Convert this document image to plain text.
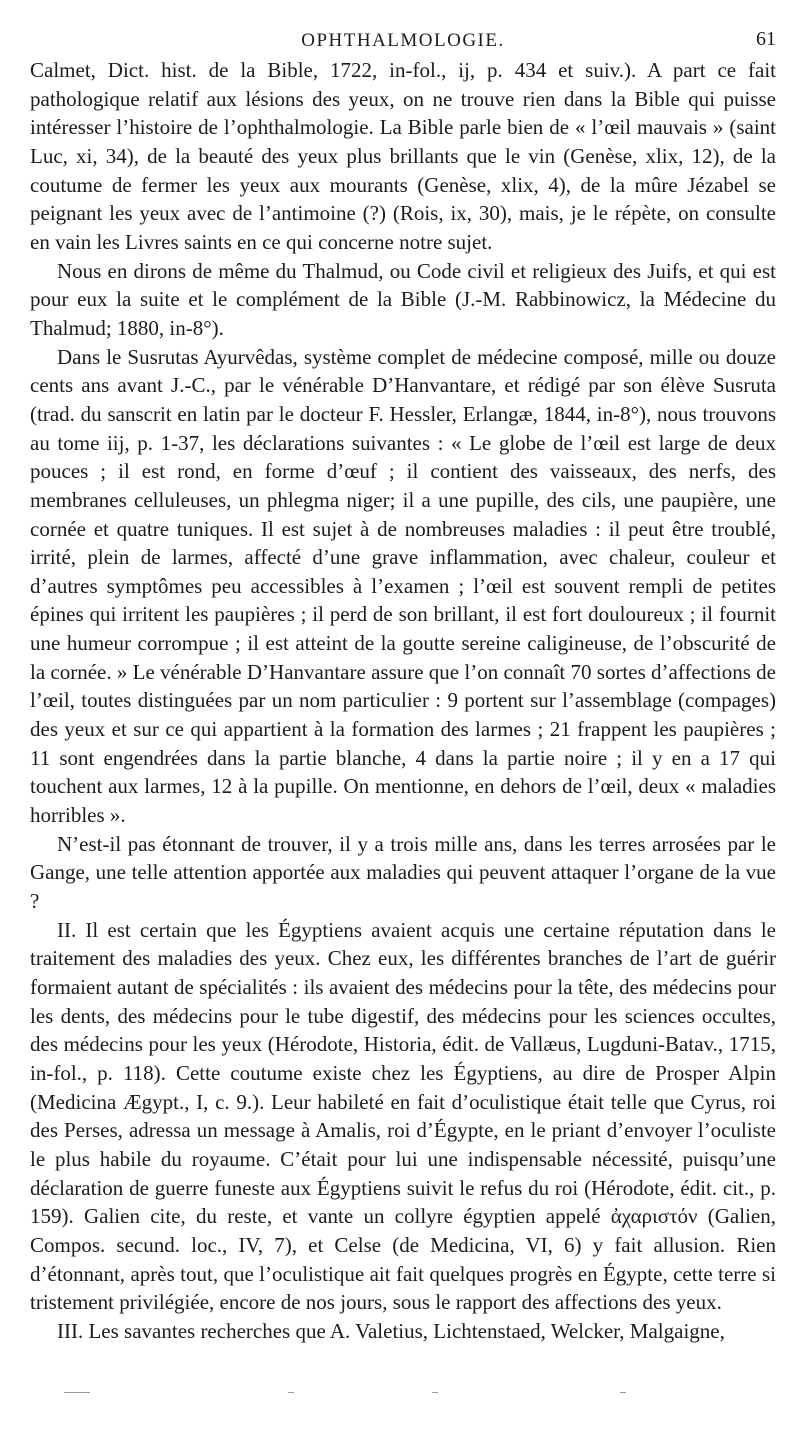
OPHTHALMOLOGIE.	61

Calmet, Dict. hist. de la Bible, 1722, in-fol., ij, p. 434 et suiv.). A part ce fait pathologique relatif aux lésions des yeux, on ne trouve rien dans la Bible qui puisse intéresser l’histoire de l’ophthalmologie. La Bible parle bien de « l’œil mauvais » (saint Luc, xi, 34), de la beauté des yeux plus brillants que le vin (Genèse, xlix, 12), de la coutume de fermer les yeux aux mourants (Genèse, xlix, 4), de la mûre Jézabel se peignant les yeux avec de l’antimoine (?) (Rois, ix, 30), mais, je le répète, on consulte en vain les Livres saints en ce qui concerne notre sujet.

Nous en dirons de même du Thalmud, ou Code civil et religieux des Juifs, et qui est pour eux la suite et le complément de la Bible (J.-M. Rabbinowicz, la Médecine du Thalmud; 1880, in-8°).

Dans le Susrutas Ayurvêdas, système complet de médecine composé, mille ou douze cents ans avant J.-C., par le vénérable D’Hanvantare, et rédigé par son élève Susruta (trad. du sanscrit en latin par le docteur F. Hessler, Erlangæ, 1844, in-8°), nous trouvons au tome iij, p. 1-37, les déclarations suivantes : « Le globe de l’œil est large de deux pouces ; il est rond, en forme d’œuf ; il contient des vaisseaux, des nerfs, des membranes celluleuses, un phlegma niger; il a une pupille, des cils, une paupière, une cornée et quatre tuniques. Il est sujet à de nombreuses maladies : il peut être troublé, irrité, plein de larmes, affecté d’une grave inflammation, avec chaleur, couleur et d’autres symptômes peu accessibles à l’examen ; l’œil est souvent rempli de petites épines qui irritent les paupières ; il perd de son brillant, il est fort douloureux ; il fournit une humeur corrompue ; il est atteint de la goutte sereine caligineuse, de l’obscurité de la cornée. » Le vénérable D’Hanvantare assure que l’on connaît 70 sortes d’affections de l’œil, toutes distinguées par un nom particulier : 9 portent sur l’assemblage (compages) des yeux et sur ce qui appartient à la formation des larmes ; 21 frappent les paupières ; 11 sont engendrées dans la partie blanche, 4 dans la partie noire ; il y en a 17 qui touchent aux larmes, 12 à la pupille. On mentionne, en dehors de l’œil, deux « maladies horribles ».

N’est-il pas étonnant de trouver, il y a trois mille ans, dans les terres arrosées par le Gange, une telle attention apportée aux maladies qui peuvent attaquer l’organe de la vue ?

II. Il est certain que les Égyptiens avaient acquis une certaine réputation dans le traitement des maladies des yeux. Chez eux, les différentes branches de l’art de guérir formaient autant de spécialités : ils avaient des médecins pour la tête, des médecins pour les dents, des médecins pour le tube digestif, des médecins pour les sciences occultes, des médecins pour les yeux (Hérodote, Historia, édit. de Vallæus, Lugduni-Batav., 1715, in-fol., p. 118). Cette coutume existe chez les Égyptiens, au dire de Prosper Alpin (Medicina Ægypt., I, c. 9.). Leur habileté en fait d’oculistique était telle que Cyrus, roi des Perses, adressa un message à Amalis, roi d’Égypte, en le priant d’envoyer l’oculiste le plus habile du royaume. C’était pour lui une indispensable nécessité, puisqu’une déclaration de guerre funeste aux Égyptiens suivit le refus du roi (Hérodote, édit. cit., p. 159). Galien cite, du reste, et vante un collyre égyptien appelé ἀχαριστόν (Galien, Compos. secund. loc., IV, 7), et Celse (de Medicina, VI, 6) y fait allusion. Rien d’étonnant, après tout, que l’oculistique ait fait quelques progrès en Égypte, cette terre si tristement privilégiée, encore de nos jours, sous le rapport des affections des yeux.

III. Les savantes recherches que A. Valetius, Lichtenstaed, Welcker, Malgaigne,
